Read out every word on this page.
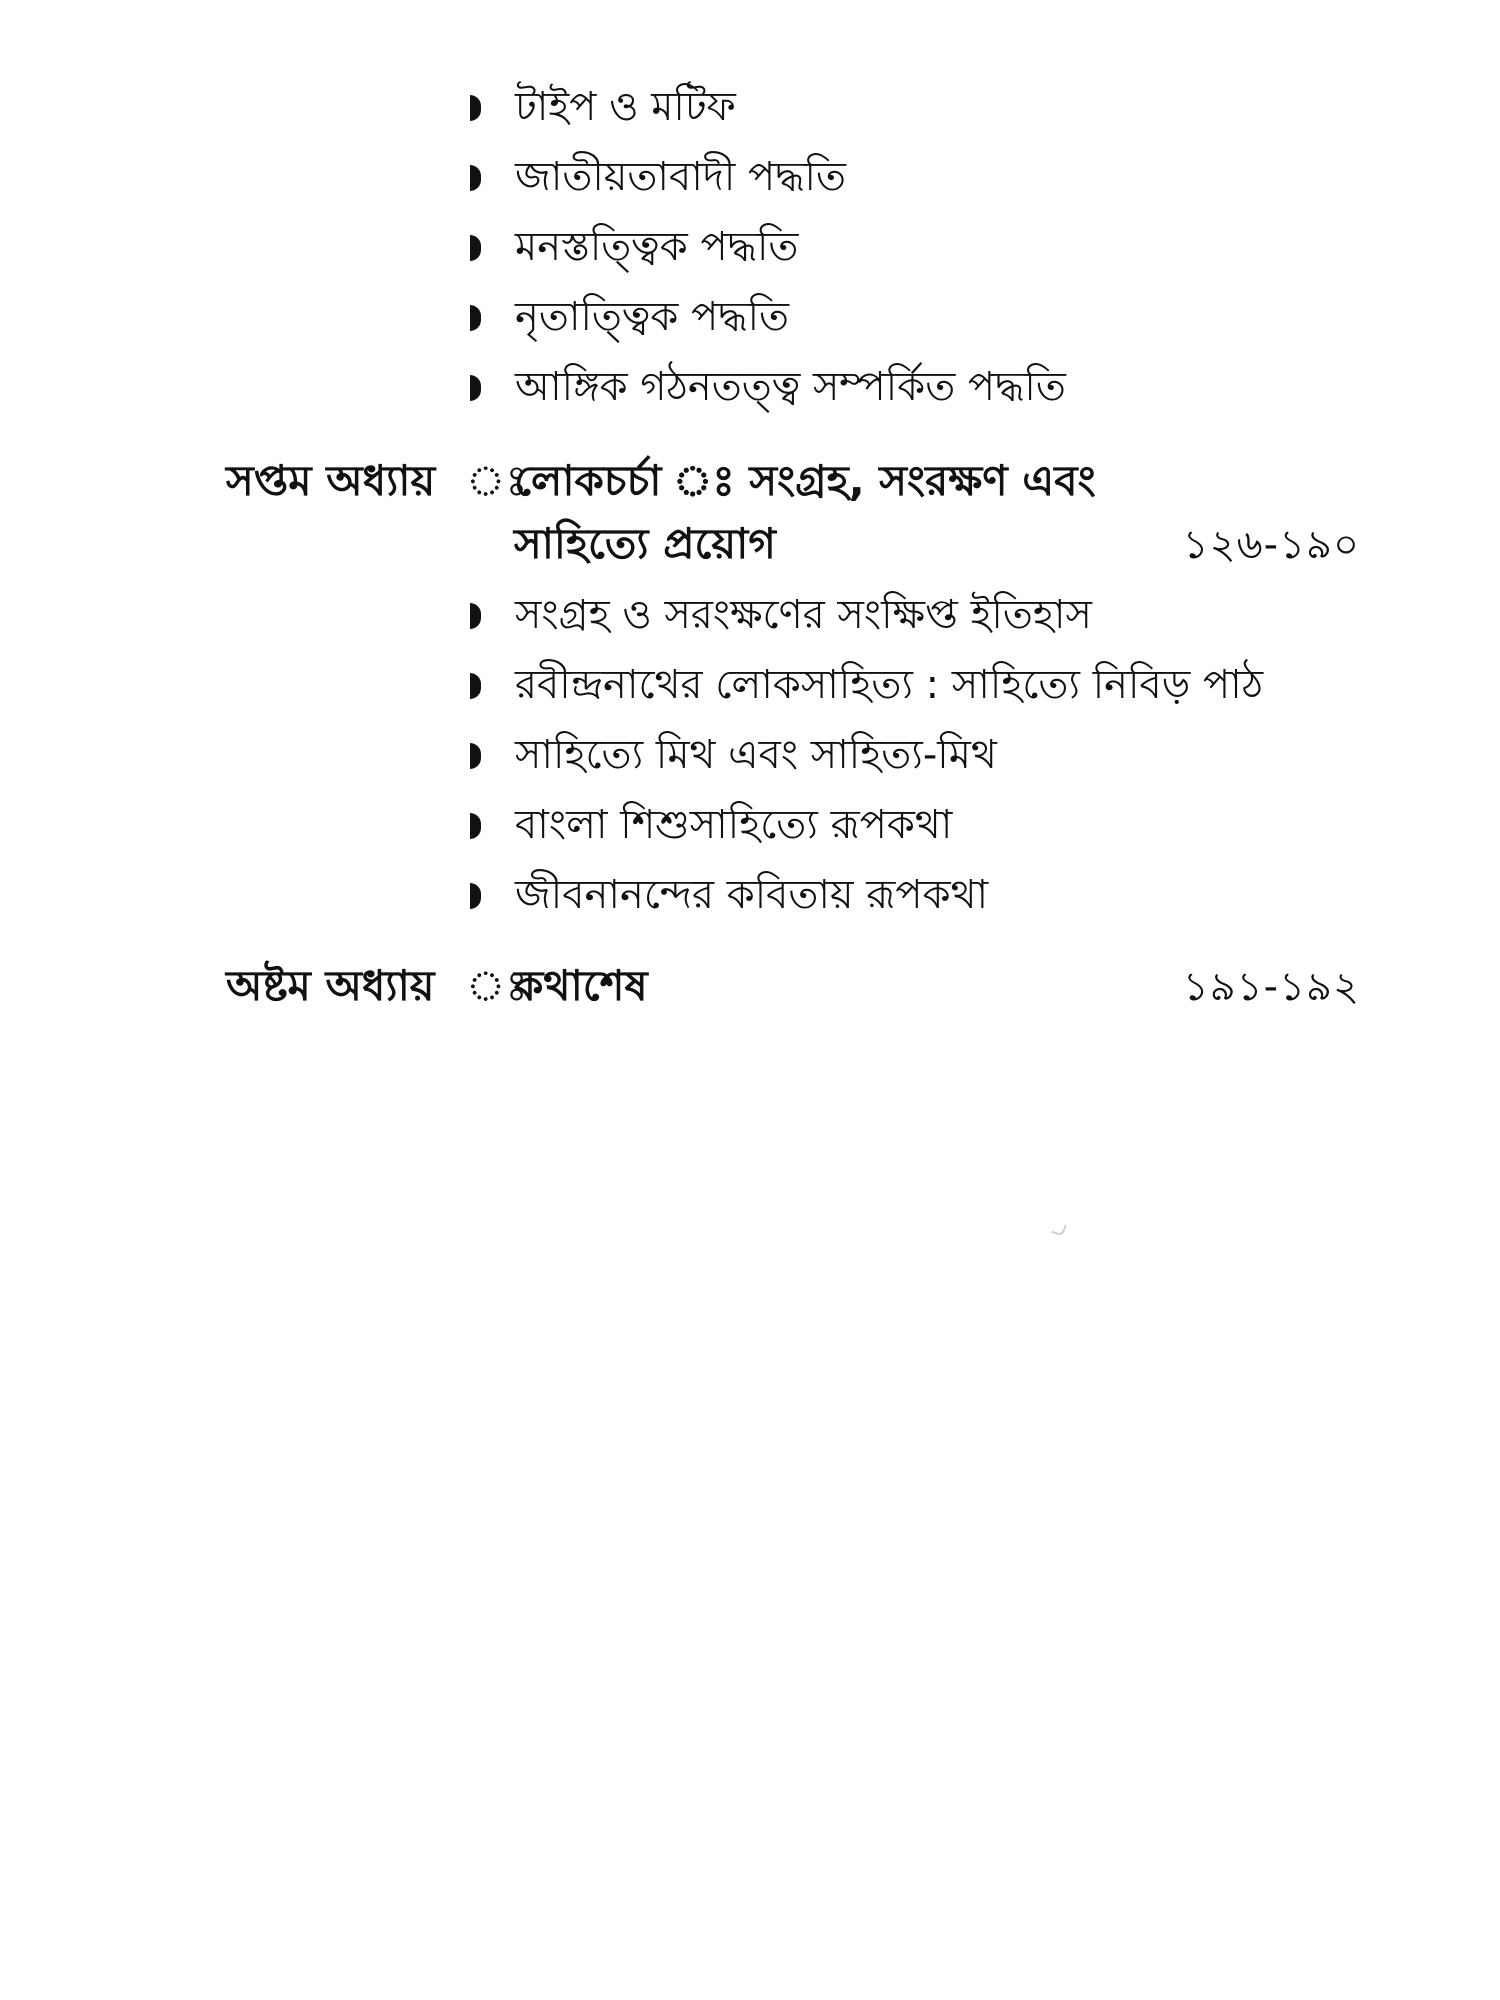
টাইপ ও মটিফ
জাতীয়তাবাদী পদ্ধতি
মনস্তত্ত্বিক পদ্ধতি
নৃতাত্ত্বিক পদ্ধতি
আঙ্গিক গঠনতত্ত্ব সম্পর্কিত পদ্ধতি
সপ্তম অধ্যায় ঃ
লোকচর্চা ঃ সংগ্রহ, সংরক্ষণ এবং
সাহিত্যে প্রয়োগ	১২৬-১৯০
সংগ্রহ ও সরংক্ষণের সংক্ষিপ্ত ইতিহাস
রবীন্দ্রনাথের লোকসাহিত্য : সাহিত্যে নিবিড় পাঠ
সাহিত্যে মিথ এবং সাহিত্য-মিথ
বাংলা শিশুসাহিত্যে রূপকথা
জীবনানন্দের কবিতায় রূপকথা
অষ্টম অধ্যায় ঃ
কথাশেষ	১৯১-১৯২
